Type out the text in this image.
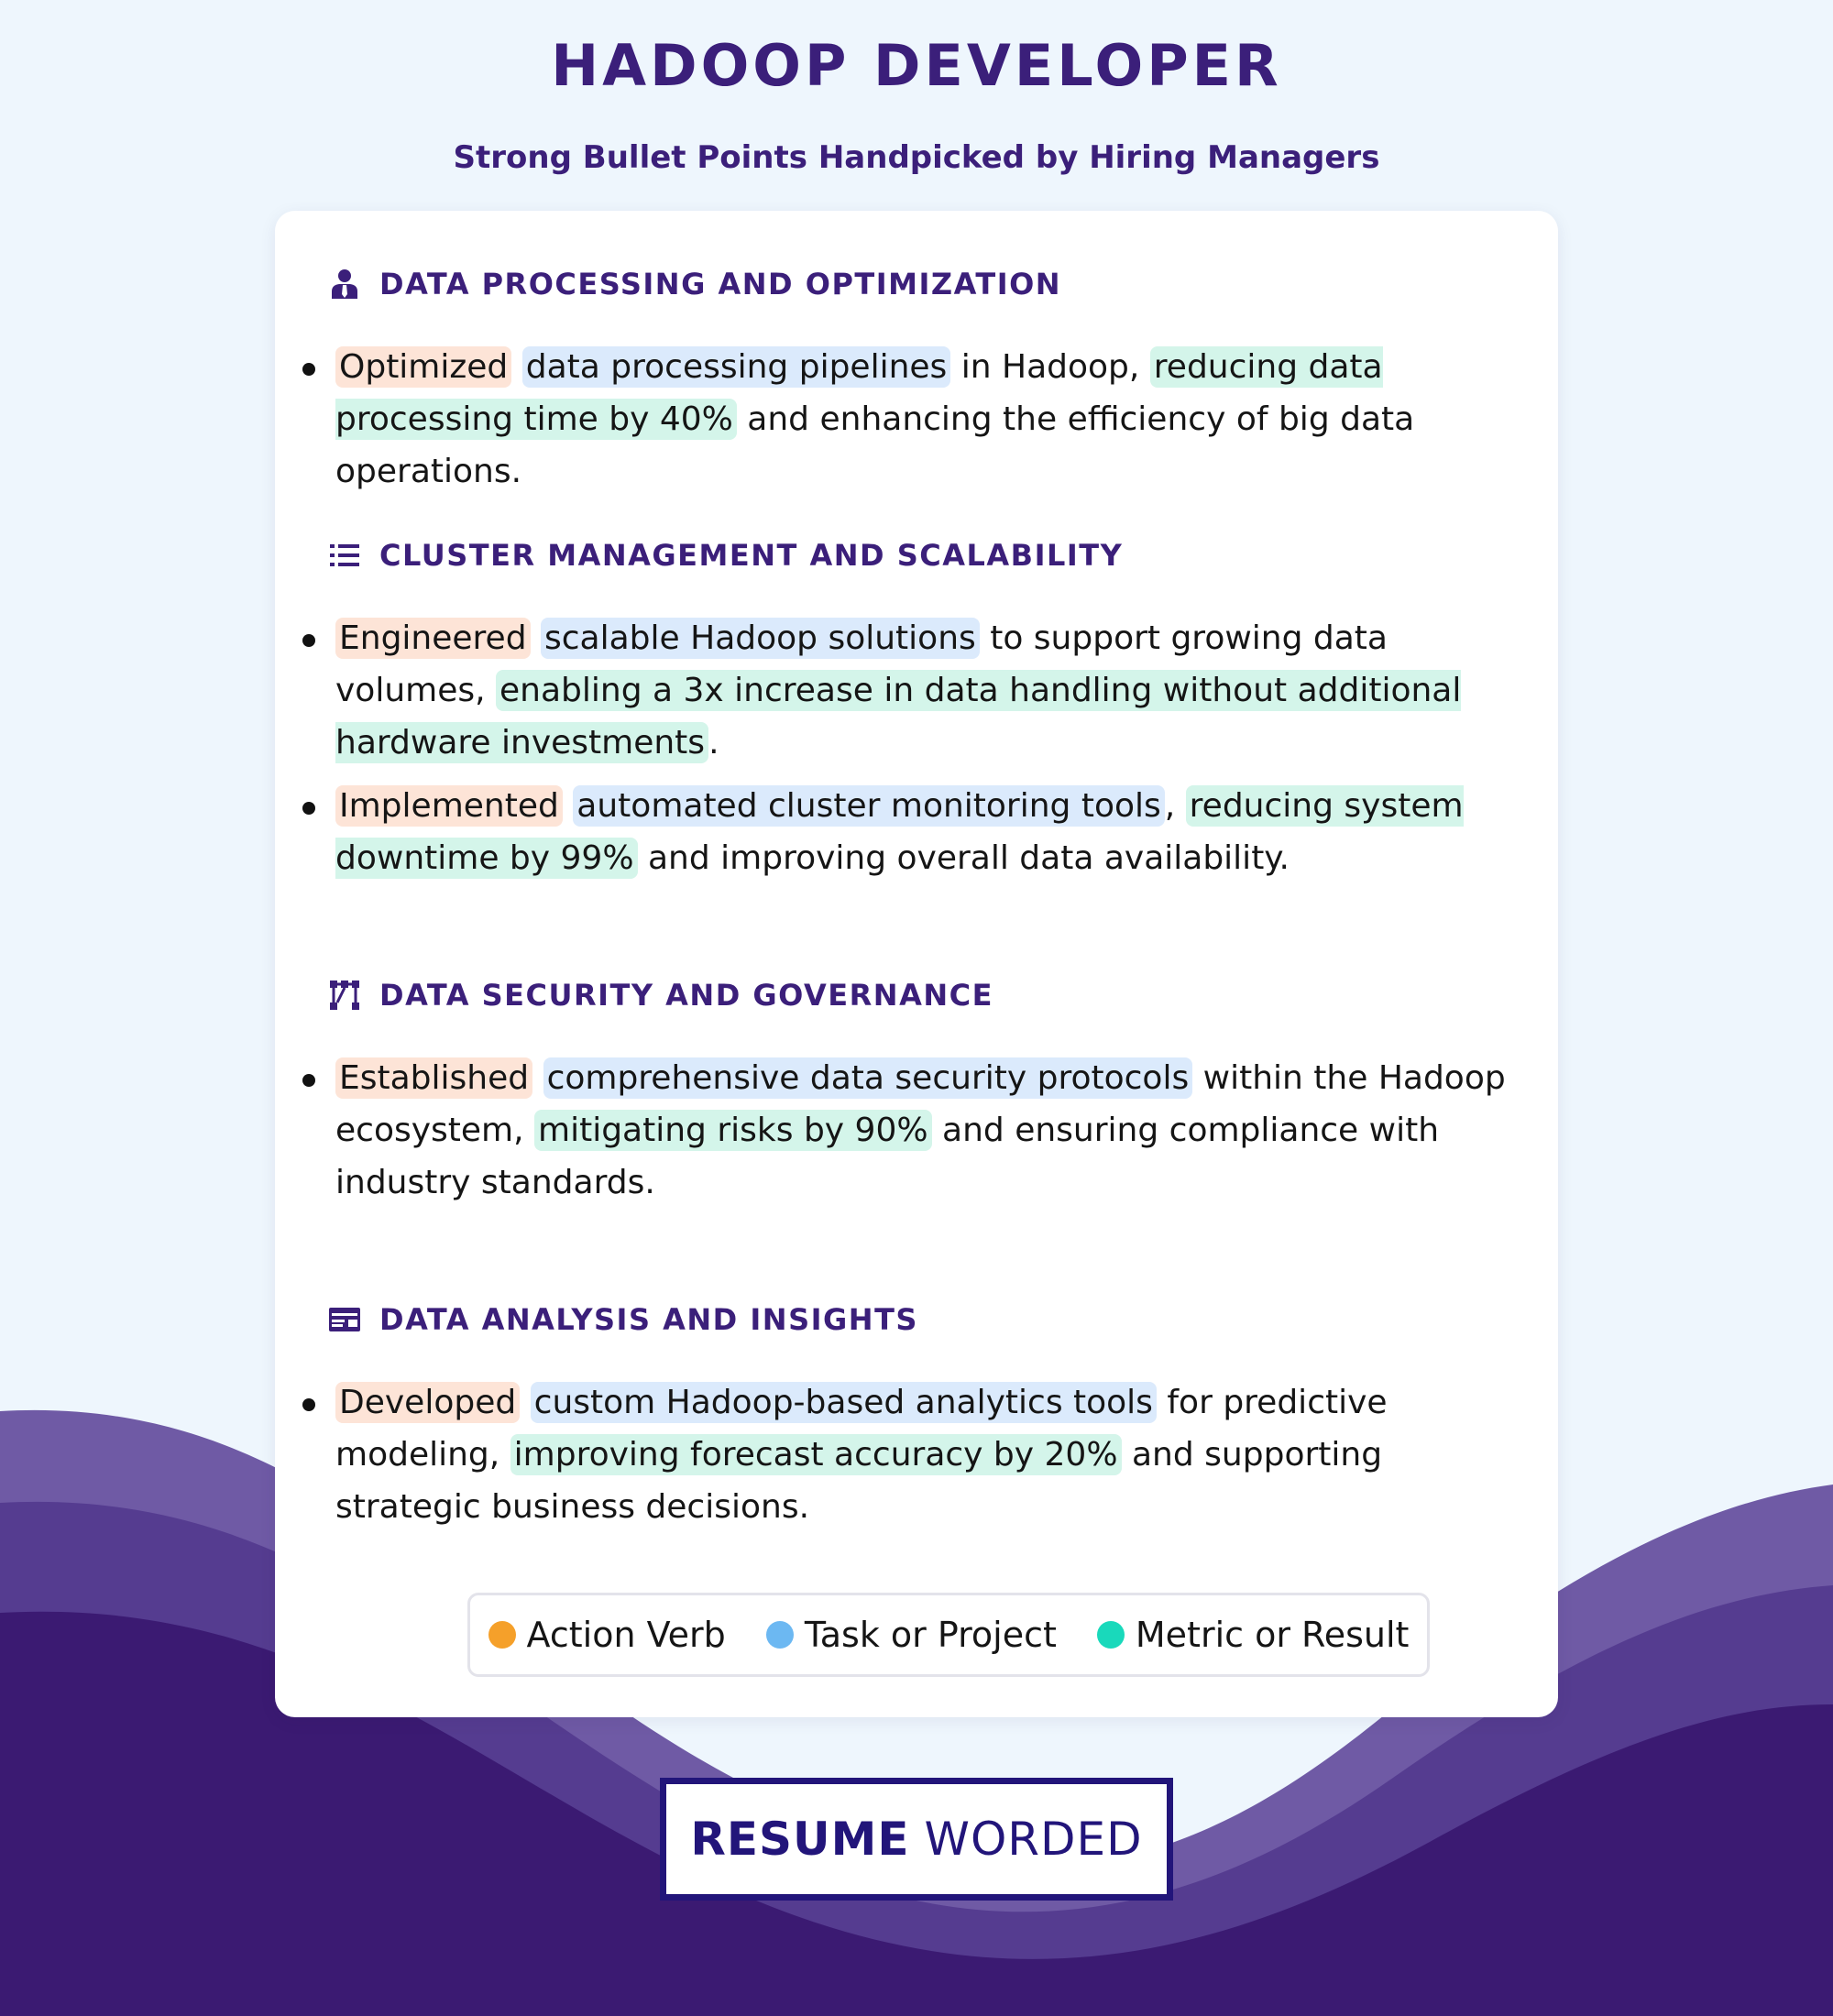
HADOOP DEVELOPER
Strong Bullet Points Handpicked by Hiring Managers
DATA PROCESSING AND OPTIMIZATION
Optimized data processing pipelines in Hadoop, reducing data processing time by 40% and enhancing the efficiency of big data operations.
CLUSTER MANAGEMENT AND SCALABILITY
Engineered scalable Hadoop solutions to support growing data volumes, enabling a 3x increase in data handling without additional hardware investments .
Implemented automated cluster monitoring tools , reducing system downtime by 99% and improving overall data availability.
DATA SECURITY AND GOVERNANCE
Established comprehensive data security protocols within the Hadoop ecosystem, mitigating risks by 90% and ensuring compliance with industry standards.
DATA ANALYSIS AND INSIGHTS
Developed custom Hadoop-based analytics tools for predictive modeling, improving forecast accuracy by 20% and supporting strategic business decisions.
Action Verb Task or Project Metric or Result
RESUME WORDED
